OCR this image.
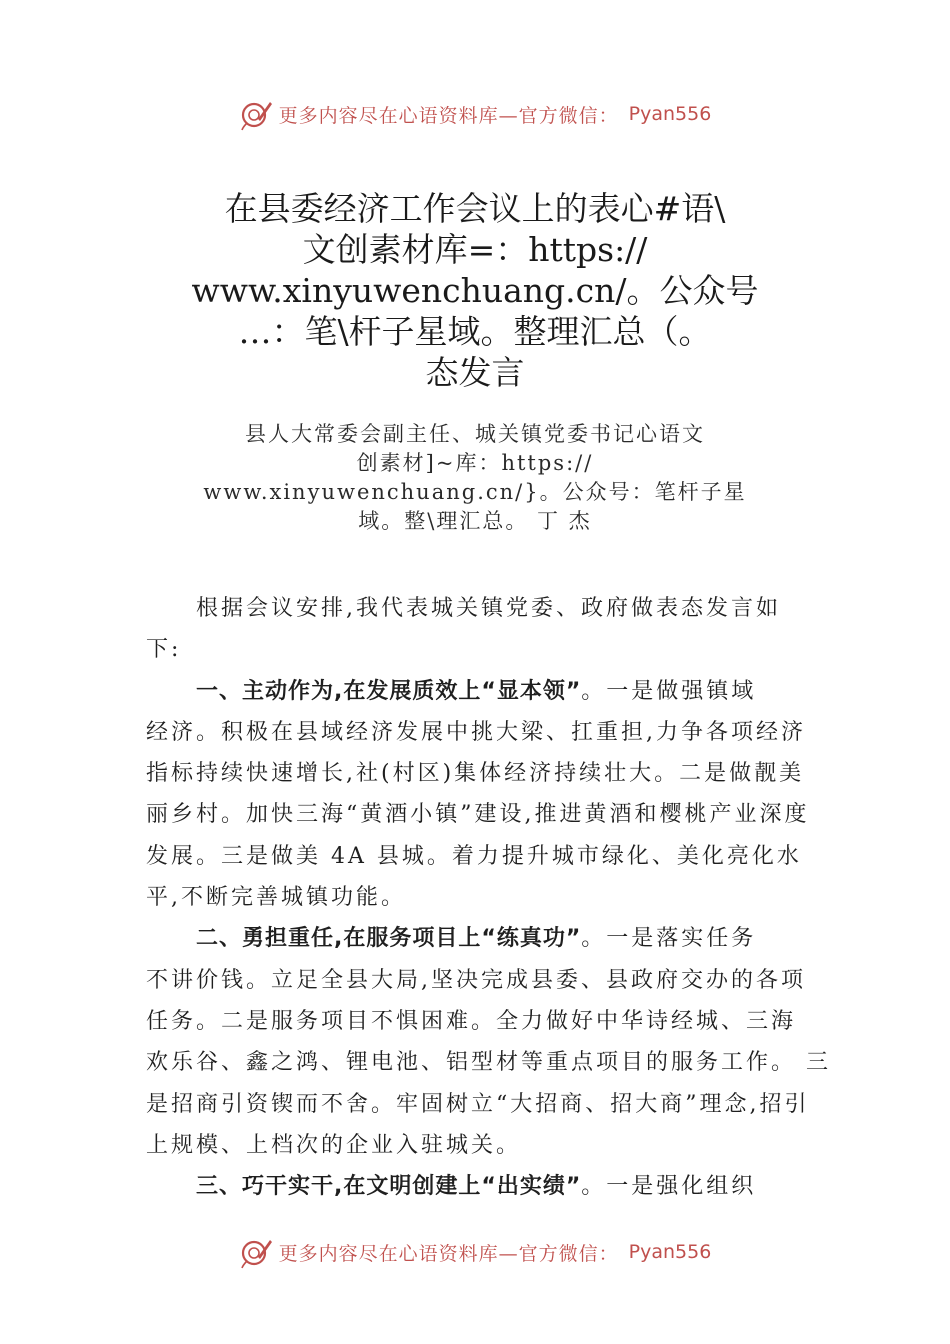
更多内容尽在心语资料库—官方微信： Pyan556
在县委经济工作会议上的表心#语\
文创素材库=：https://
www.xinyuwenchuang.cn/。公众号
…：笔\杆子星域。整理汇总（。
态发言
县人大常委会副主任、城关镇党委书记心语文
创素材]~库：https://
www.xinyuwenchuang.cn/}。公众号：笔杆子星
域。整\理汇总。 丁 杰

根据会议安排,我代表城关镇党委、政府做表态发言如
下:

一、主动作为,在发展质效上“显本领”。一是做强镇域
经济。积极在县域经济发展中挑大梁、扛重担,力争各项经济
指标持续快速增长,社(村区)集体经济持续壮大。二是做靓美
丽乡村。加快三海“黄酒小镇”建设,推进黄酒和樱桃产业深度
发展。三是做美 4A 县城。着力提升城市绿化、美化亮化水
平,不断完善城镇功能。

二、勇担重任,在服务项目上“练真功”。一是落实任务
不讲价钱。立足全县大局,坚决完成县委、县政府交办的各项
任务。二是服务项目不惧困难。全力做好中华诗经城、三海
欢乐谷、鑫之鸿、锂电池、铝型材等重点项目的服务工作。 三
是招商引资锲而不舍。牢固树立“大招商、招大商”理念,招引
上规模、上档次的企业入驻城关。

三、巧干实干,在文明创建上“出实绩”。一是强化组织

更多内容尽在心语资料库—官方微信： Pyan556
